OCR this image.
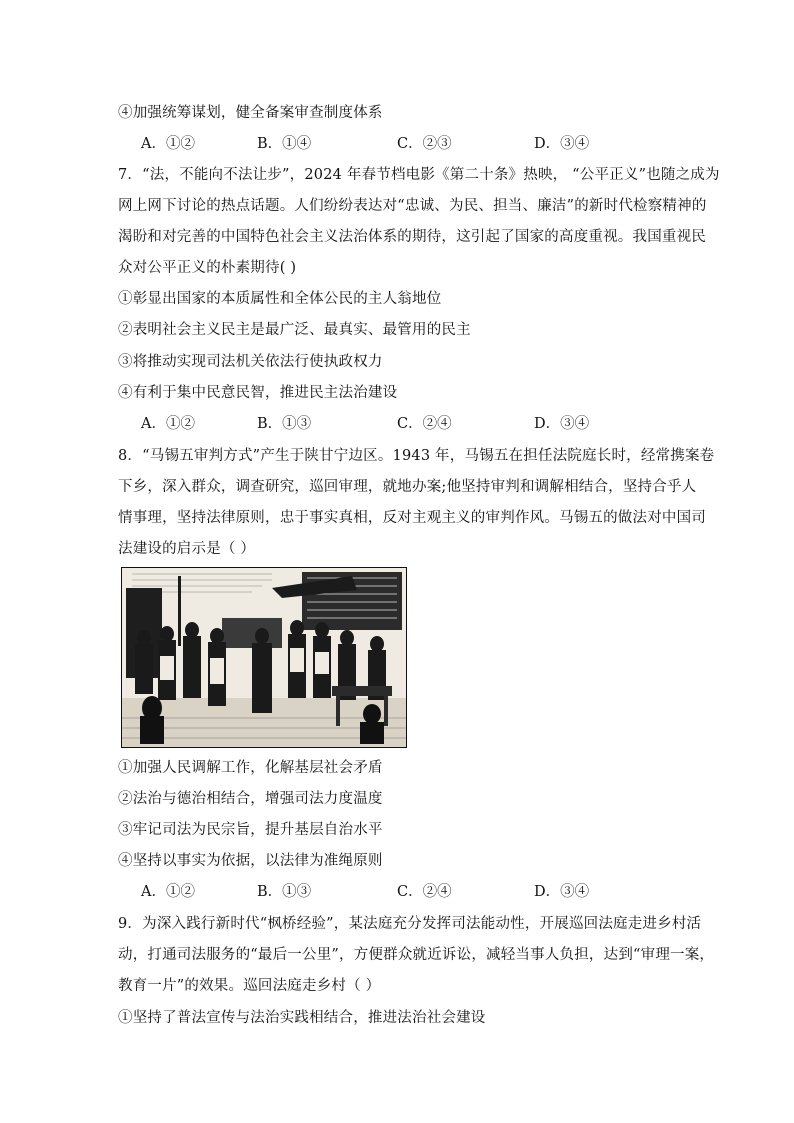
④加强统筹谋划，健全备案审查制度体系
A．①②	B．①④	C．②③	D．③④
7．“法，不能向不法让步”，2024 年春节档电影《第二十条》热映， “公平正义”也随之成为
网上网下讨论的热点话题。人们纷纷表达对“忠诚、为民、担当、廉洁”的新时代检察精神的
渴盼和对完善的中国特色社会主义法治体系的期待，这引起了国家的高度重视。我国重视民
众对公平正义的朴素期待( )
①彰显出国家的本质属性和全体公民的主人翁地位
②表明社会主义民主是最广泛、最真实、最管用的民主
③将推动实现司法机关依法行使执政权力
④有利于集中民意民智，推进民主法治建设
A．①②	B．①③	C．②④	D．③④
8．“马锡五审判方式”产生于陕甘宁边区。1943 年，马锡五在担任法院庭长时，经常携案卷
下乡，深入群众，调查研究，巡回审理，就地办案;他坚持审判和调解相结合，坚持合乎人
情事理，坚持法律原则，忠于事实真相，反对主观主义的审判作风。马锡五的做法对中国司
法建设的启示是（ ）
①加强人民调解工作，化解基层社会矛盾
②法治与德治相结合，增强司法力度温度
③牢记司法为民宗旨，提升基层自治水平
④坚持以事实为依据，以法律为准绳原则
A．①②	B．①③	C．②④	D．③④
9．为深入践行新时代“枫桥经验”，某法庭充分发挥司法能动性，开展巡回法庭走进乡村活
动，打通司法服务的“最后一公里”，方便群众就近诉讼，减轻当事人负担，达到“审理一案，
教育一片”的效果。巡回法庭走乡村（ ）
①坚持了普法宣传与法治实践相结合，推进法治社会建设
